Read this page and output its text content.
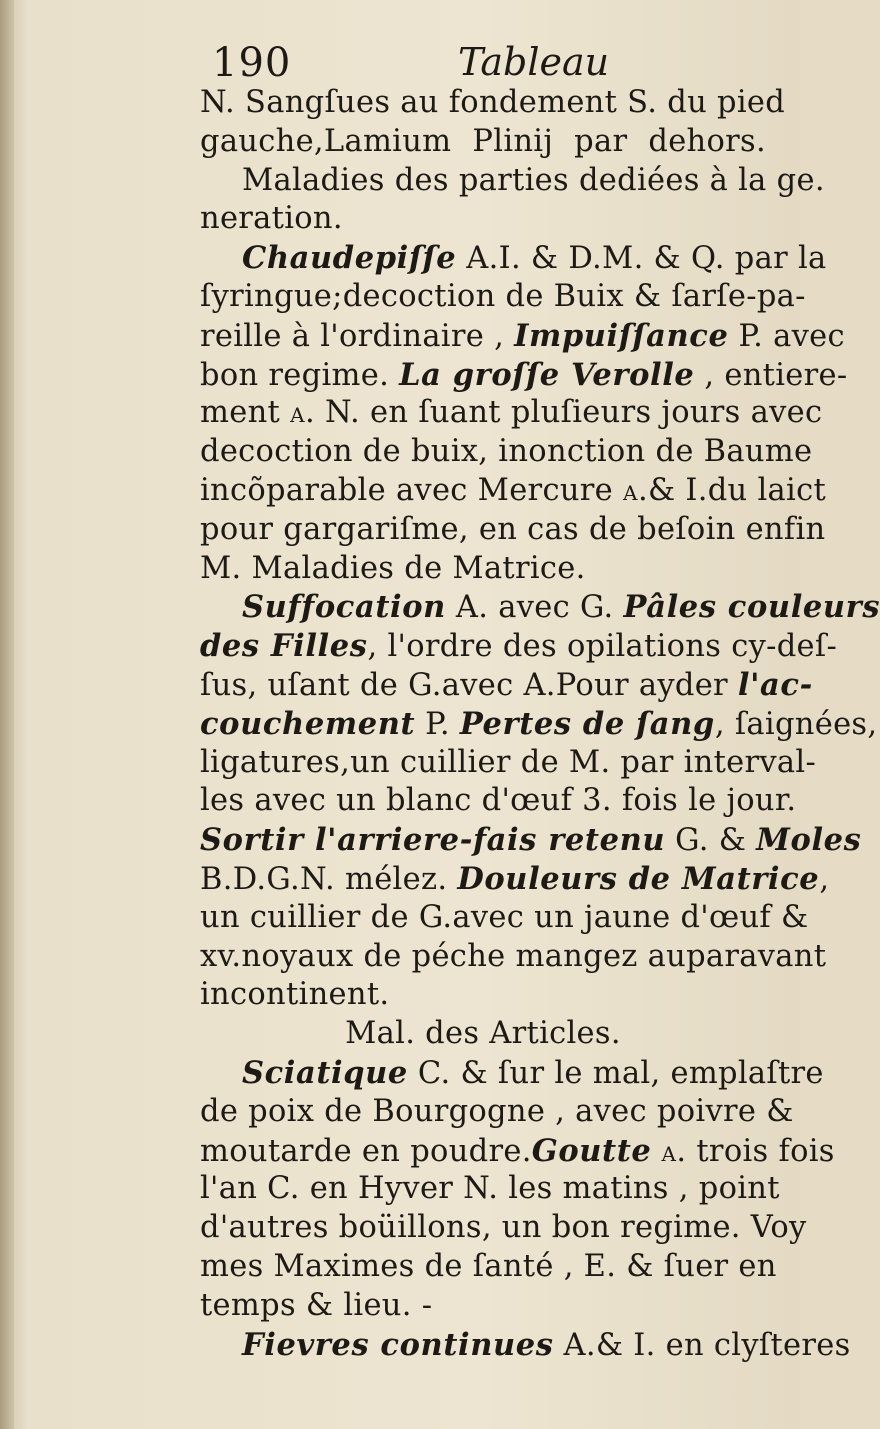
190	Tableau
N. Sangſues au fondement S. du pied
gauche,Lamium Plinij par dehors.
Maladies des parties dediées à la ge.
neration.
Chaudepiſſe A.I. & D.M. & Q. par la
ſyringue;decoction de Buix & ſarſe-pa-
reille à l'ordinaire , Impuiſſance P. avec
bon regime. La groſſe Verolle , entiere-
ment A. N. en ſuant pluſieurs jours avec
decoction de buix, inonction de Baume
incõparable avec Mercure A.& I.du laict
pour gargariſme, en cas de beſoin enfin
M. Maladies de Matrice.
Suffocation A. avec G. Pâles couleurs
des Filles, l'ordre des opilations cy-deſ-
ſus, uſant de G.avec A.Pour ayder l'ac-
couchement P. Pertes de ſang, ſaignées,
ligatures,un cuillier de M. par interval-
les avec un blanc d'œuf 3. fois le jour.
Sortir l'arriere-fais retenu G. & Moles
B.D.G.N. mélez. Douleurs de Matrice,
un cuillier de G.avec un jaune d'œuf &
xv.noyaux de péche mangez auparavant
incontinent.
Mal. des Articles.
Sciatique C. & ſur le mal, emplaſtre
de poix de Bourgogne , avec poivre &
moutarde en poudre.Goutte A. trois fois
l'an C. en Hyver N. les matins , point
d'autres boüillons, un bon regime. Voy
mes Maximes de ſanté , E. & ſuer en
temps & lieu. -
Fievres continues A.& I. en clyſteres
